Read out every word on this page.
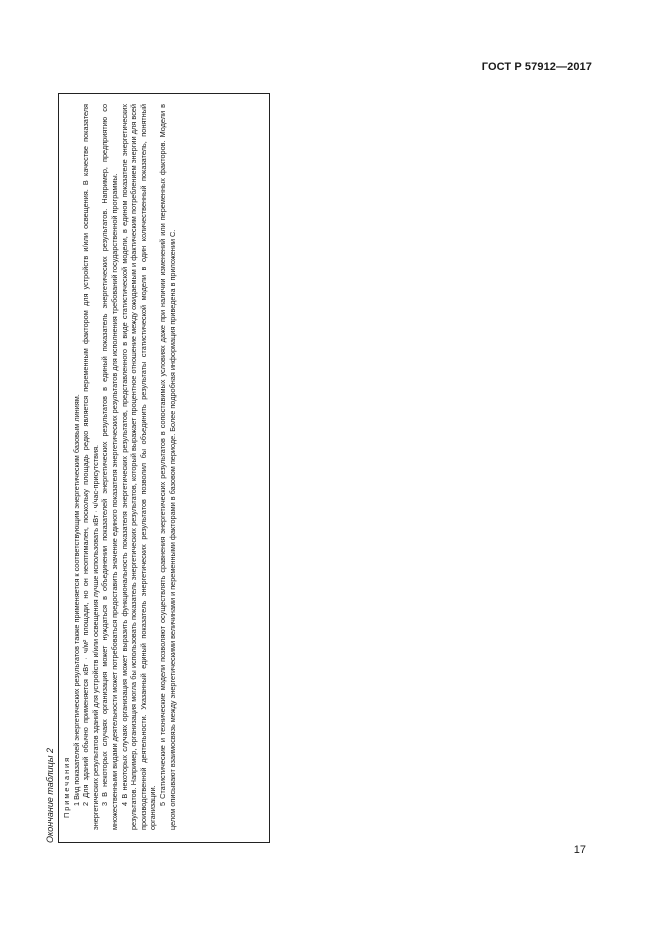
ГОСТ Р 57912—2017
Окончание таблицы 2 Примечания 1 Вид показателей энергетических результатов также применяется к соответствующим энергетическим базовым линиям. 2 Для зданий обычно применяется кВт · ч/м² площади, но он неоптимален, поскольку площадь редко является переменным фактором для устройств и/или освещения. В качестве показателя энергетических результатов зданий для устройств и/или освещения лучше использовать кВт · ч/час-присутствия. 3 В некоторых случаях организация может нуждаться в объединении показателей энергетических результатов в единый показатель энергетических результатов. Например, предприятию со множественными видами деятельности может потребоваться предоставить значение единого показателя энергетических результатов для исполнения требований государственной программы. 4 В некоторых случаях организация может выразить функциональность показателя энергетических результатов, представленного в виде статистической модели, в едином показателе энергетических результатов. Например, организация могла бы использовать показатель энергетических результатов, который выражает процентное отношение между ожидаемым и фактическим потреблением энергии для всей производственной деятельности. Указанный единый показатель энергетических результатов позволил бы объединить результаты статистической модели в один количественный показатель, понятный организации.

5 Статистические и технические модели позволяют осуществлять сравнения энергетических результатов в сопоставимых условиях даже при наличии изменений или переменных факторов. Модели в целом описывают взаимосвязь между энергетическими величинами и переменными факторами в базовом периоде. Более подробная информация приведена в приложении С.

17
